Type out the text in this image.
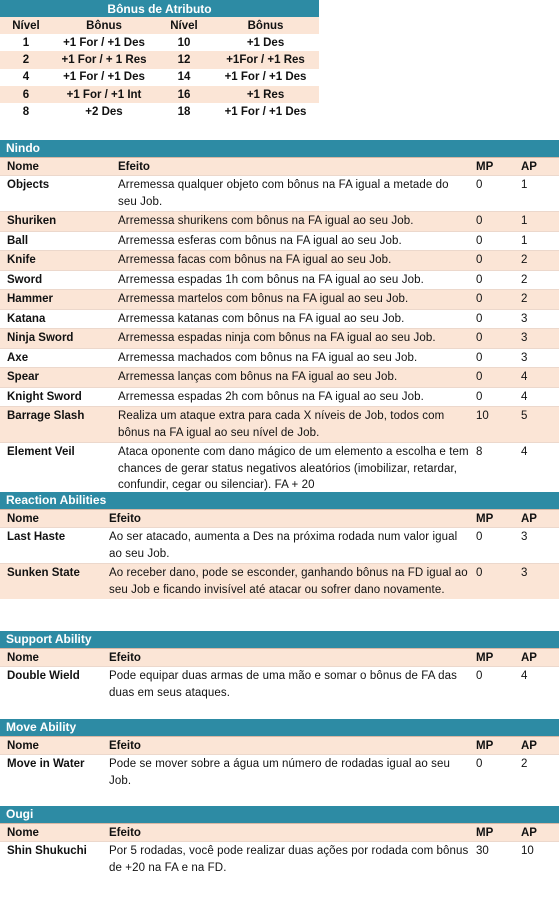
Bônus de Atributo			
Nível	Bônus	Nível	Bônus
1	+1 For / +1 Des	10	+1 Des
2	+1 For / + 1 Res	12	+1For / +1 Res
4	+1 For / +1 Des	14	+1 For / +1 Des
6	+1 For / +1 Int	16	+1 Res
8	+2 Des	18	+1 For / +1 Des
Nindo
Nome	Efeito	MP	AP
Objects	Arremessa qualquer objeto com bônus na FA igual a metade do seu Job.	0	1
Shuriken	Arremessa shurikens com bônus na FA igual ao seu Job.	0	1
Ball	Arremessa esferas com bônus na FA igual ao seu Job.	0	1
Knife	Arremessa facas com bônus na FA igual ao seu Job.	0	2
Sword	Arremessa espadas 1h com bônus na FA igual ao seu Job.	0	2
Hammer	Arremessa martelos com bônus na FA igual ao seu Job.	0	2
Katana	Arremessa katanas com bônus na FA igual ao seu Job.	0	3
Ninja Sword	Arremessa espadas ninja com bônus na FA igual ao seu Job.	0	3
Axe	Arremessa machados com bônus na FA igual ao seu Job.	0	3
Spear	Arremessa lanças com bônus na FA igual ao seu Job.	0	4
Knight Sword	Arremessa espadas 2h com bônus na FA igual ao seu Job.	0	4
Barrage Slash	Realiza um ataque extra para cada X níveis de Job, todos com bônus na FA igual ao seu nível de Job.	10	5
Element Veil	Ataca oponente com dano mágico de um elemento a escolha e tem chances de gerar status negativos aleatórios (imobilizar, retardar, confundir, cegar ou silenciar). FA + 20	8	4
Reaction Abilities
Nome	Efeito	MP	AP
Last Haste	Ao ser atacado, aumenta a Des na próxima rodada num valor igual ao seu Job.	0	3
Sunken State	Ao receber dano, pode se esconder, ganhando bônus na FD igual ao seu Job e ficando invisível até atacar ou sofrer dano novamente.	0	3
Support Ability
Nome	Efeito	MP	AP
Double Wield	Pode equipar duas armas de uma mão e somar o bônus de FA das duas em seus ataques.	0	4
Move Ability
Nome	Efeito	MP	AP
Move in Water	Pode se mover sobre a água um número de rodadas igual ao seu Job.	0	2
Ougi
Nome	Efeito	MP	AP
Shin Shukuchi	Por 5 rodadas, você pode realizar duas ações por rodada com bônus de +20 na FA e na FD.	30	10
